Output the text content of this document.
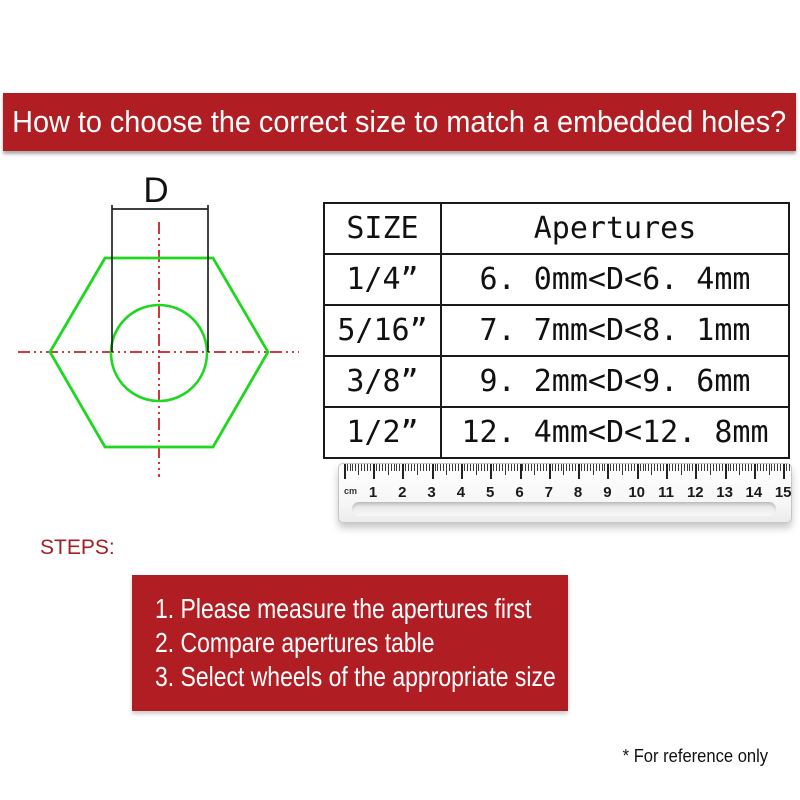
How to choose the correct size to match a embedded holes?
D
SIZE	Apertures
1/4”	6. 0mm<D<6. 4mm
5/16”	7. 7mm<D<8. 1mm
3/8”	9. 2mm<D<9. 6mm
1/2”	12. 4mm<D<12. 8mm
cm 1 2 3 4 5 6 7 8 9 10 11 12 13 14 15
STEPS:
1. Please measure the apertures first
2. Compare apertures table
3. Select wheels of the appropriate size
* For reference only
